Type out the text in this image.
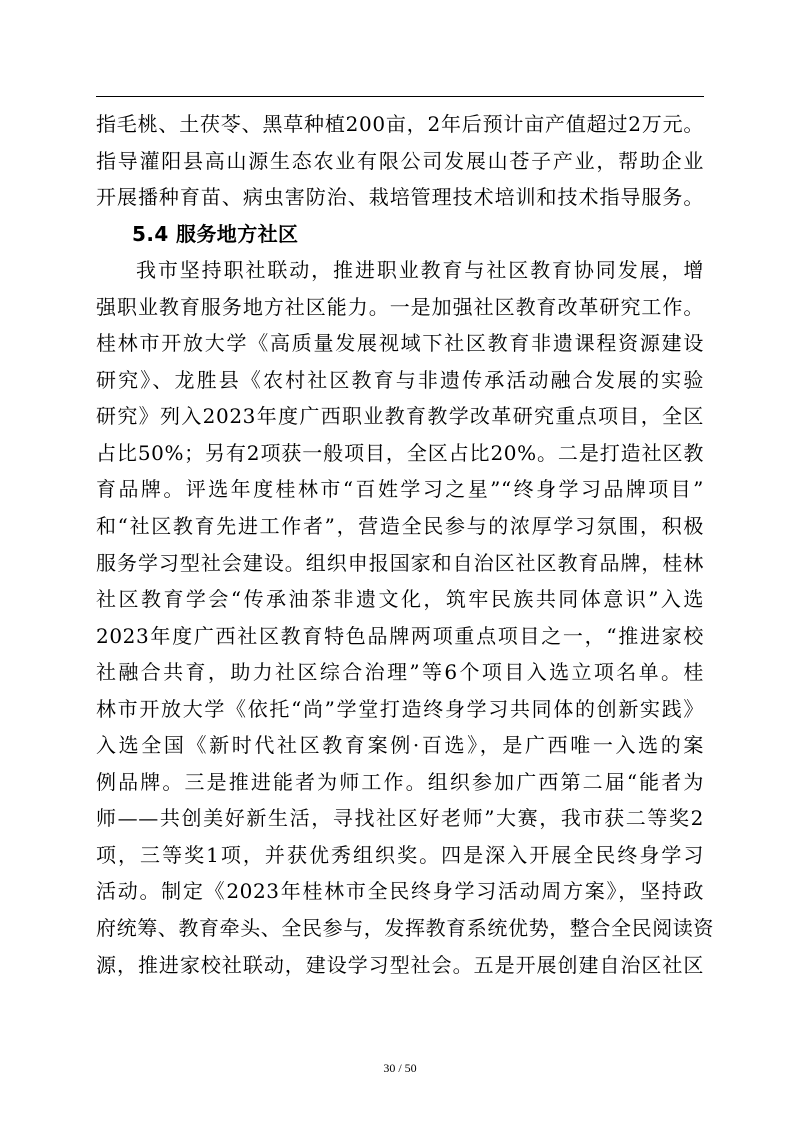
指毛桃、土茯苓、黑草种植200亩，2年后预计亩产值超过2万元。
指导灌阳县高山源生态农业有限公司发展山苍子产业，帮助企业
开展播种育苗、病虫害防治、栽培管理技术培训和技术指导服务。
5.4 服务地方社区
我市坚持职社联动，推进职业教育与社区教育协同发展，增
强职业教育服务地方社区能力。一是加强社区教育改革研究工作。
桂林市开放大学《高质量发展视域下社区教育非遗课程资源建设
研究》、龙胜县《农村社区教育与非遗传承活动融合发展的实验
研究》列入2023年度广西职业教育教学改革研究重点项目，全区
占比50%；另有2项获一般项目，全区占比20%。二是打造社区教
育品牌。评选年度桂林市“百姓学习之星”“终身学习品牌项目”
和“社区教育先进工作者”，营造全民参与的浓厚学习氛围，积极
服务学习型社会建设。组织申报国家和自治区社区教育品牌，桂林
社区教育学会“传承油茶非遗文化，筑牢民族共同体意识”入选
2023年度广西社区教育特色品牌两项重点项目之一，“推进家校
社融合共育，助力社区综合治理”等6个项目入选立项名单。桂
林市开放大学《依托“尚”学堂打造终身学习共同体的创新实践》
入选全国《新时代社区教育案例·百选》，是广西唯一入选的案
例品牌。三是推进能者为师工作。组织参加广西第二届“能者为
师——共创美好新生活，寻找社区好老师”大赛，我市获二等奖2
项，三等奖1项，并获优秀组织奖。四是深入开展全民终身学习
活动。制定《2023年桂林市全民终身学习活动周方案》，坚持政
府统筹、教育牵头、全民参与，发挥教育系统优势，整合全民阅读资
源，推进家校社联动，建设学习型社会。五是开展创建自治区社区
30 / 50
